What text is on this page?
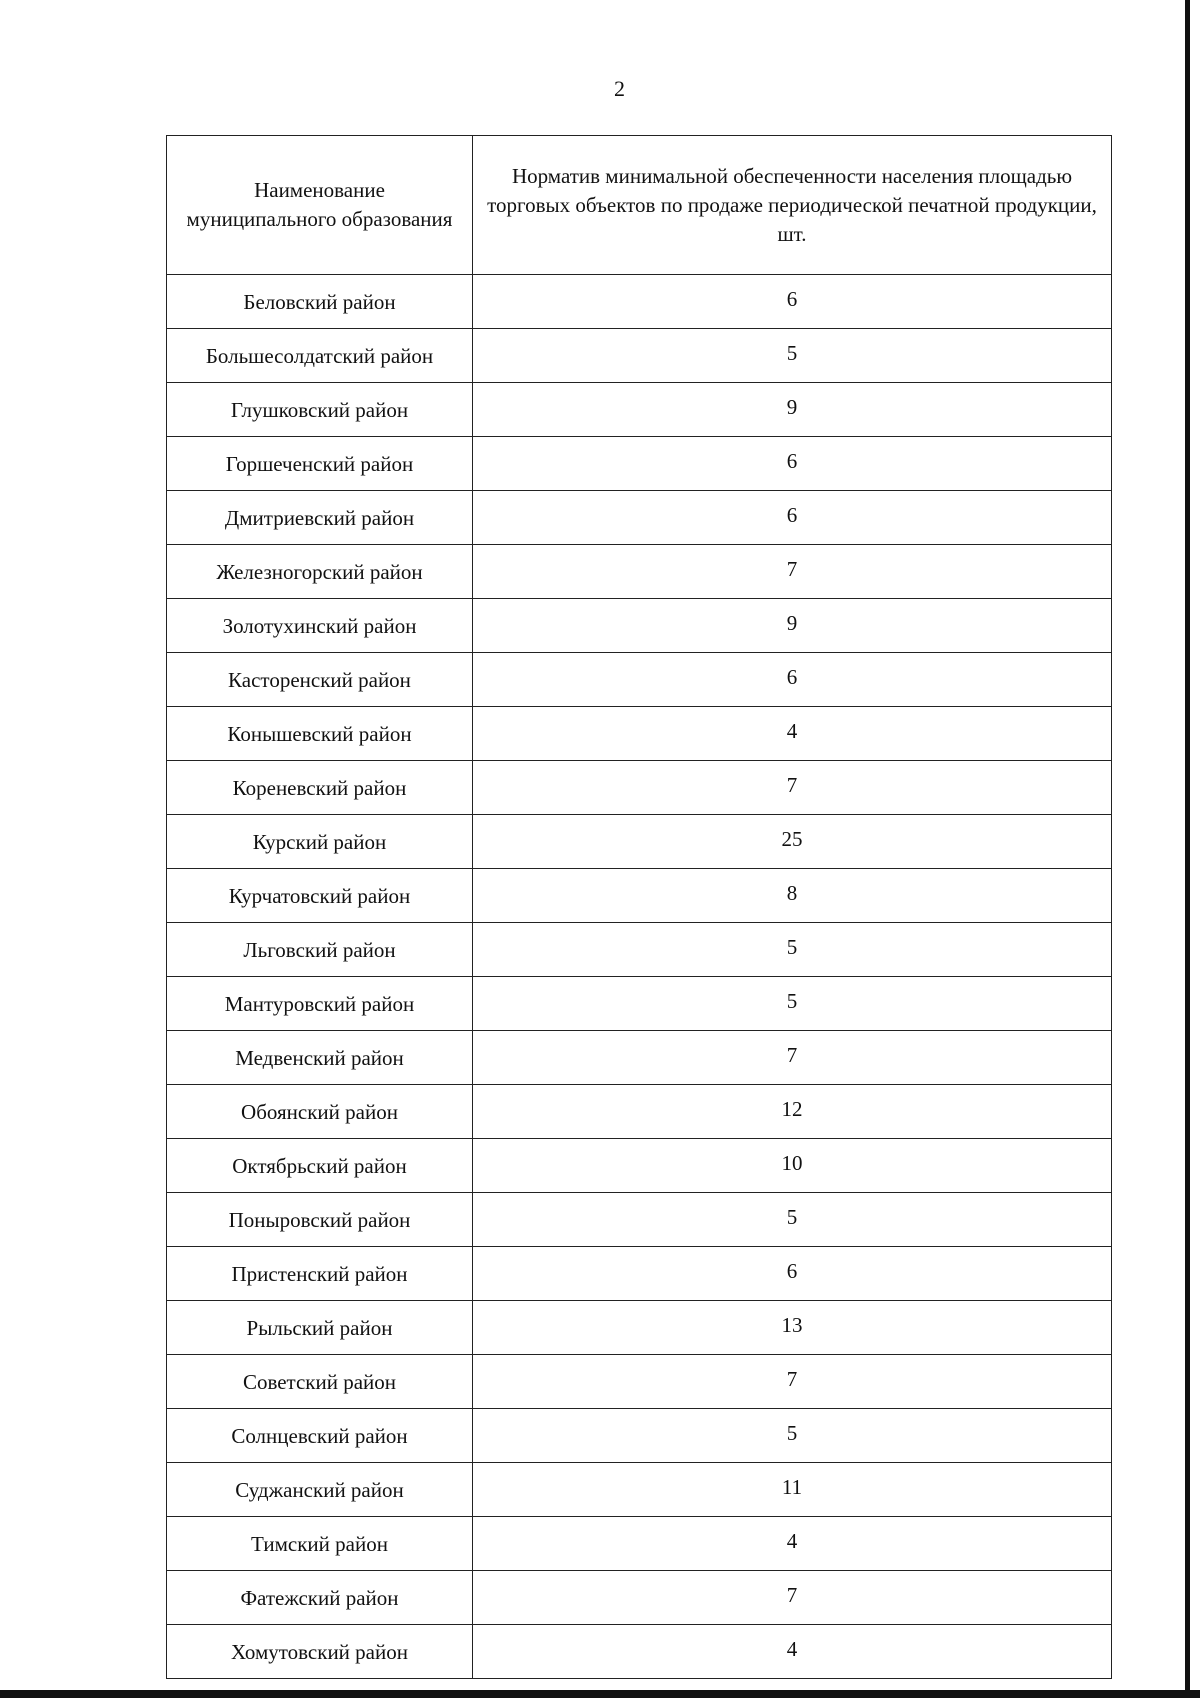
2
Наименование муниципального образования	Норматив минимальной обеспеченности населения площадью торговых объектов по продаже периодической печатной продукции, шт.
Беловский район	6
Большесолдатский район	5
Глушковский район	9
Горшеченский район	6
Дмитриевский район	6
Железногорский район	7
Золотухинский район	9
Касторенский район	6
Конышевский район	4
Кореневский район	7
Курский район	25
Курчатовский район	8
Льговский район	5
Мантуровский район	5
Медвенский район	7
Обоянский район	12
Октябрьский район	10
Поныровский район	5
Пристенский район	6
Рыльский район	13
Советский район	7
Солнцевский район	5
Суджанский район	11
Тимский район	4
Фатежский район	7
Хомутовский район	4
